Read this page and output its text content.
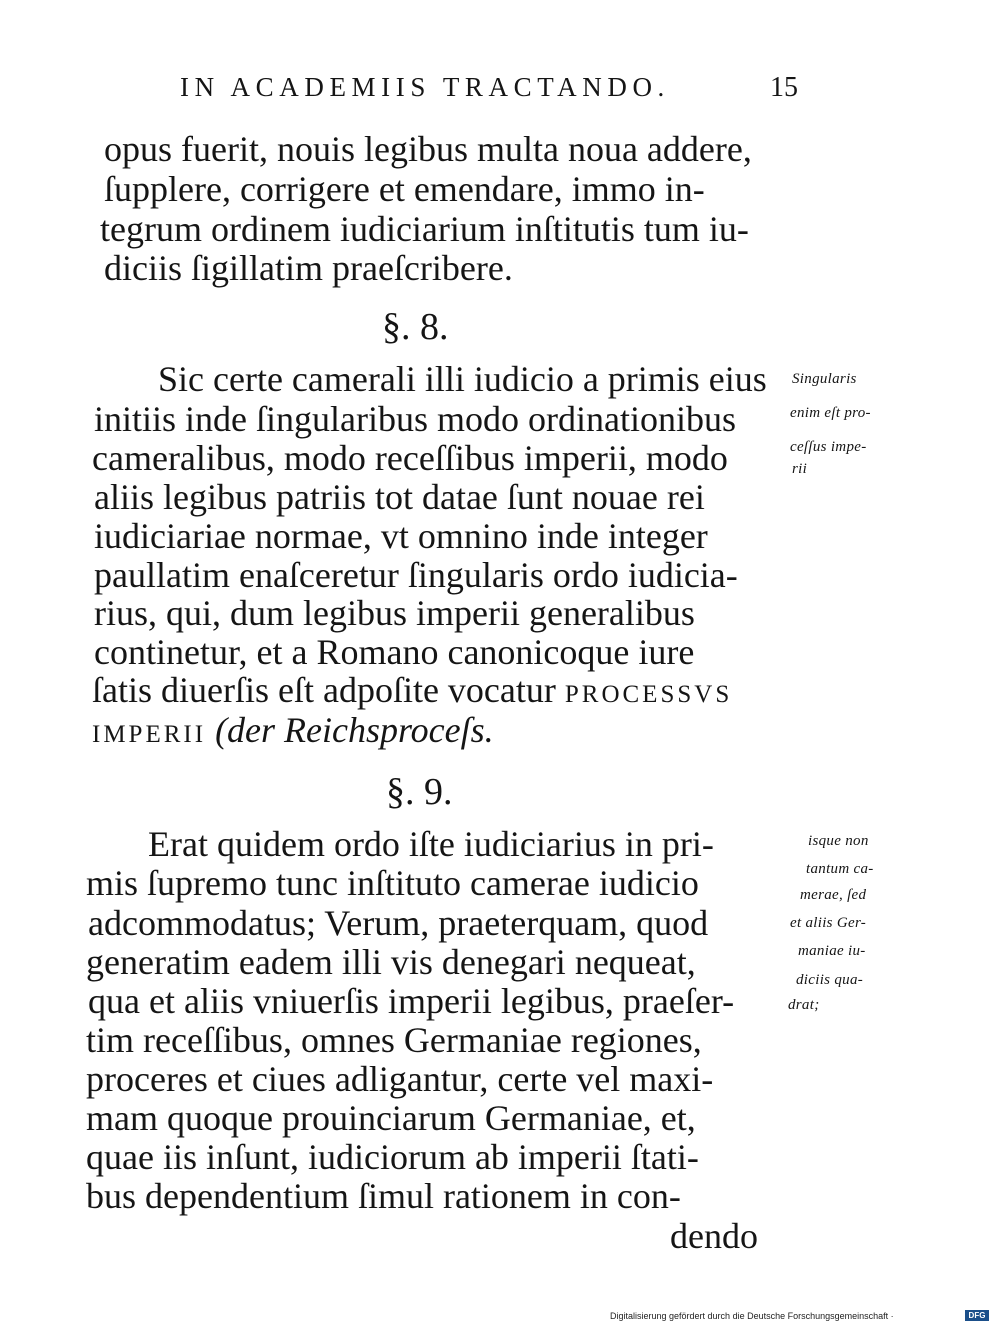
IN ACADEMIIS TRACTANDO.	15
opus fuerit, nouis legibus multa noua addere,
ſupplere, corrigere et emendare, immo in-
tegrum ordinem iudiciarium inſtitutis tum iu-
diciis ſigillatim praeſcribere.
§. 8.
Sic certe camerali illi iudicio a primis eius
initiis inde ſingularibus modo ordinationibus
cameralibus, modo receſſibus imperii, modo
aliis legibus patriis tot datae ſunt nouae rei
iudiciariae normae, vt omnino inde integer
paullatim enaſceretur ſingularis ordo iudicia-
rius, qui, dum legibus imperii generalibus
continetur, et a Romano canonicoque iure
ſatis diuerſis eſt adpoſite vocatur PROCESSVS
IMPERII (der Reichsproceſs.
Singularis
enim eſt pro-
ceſſus impe-
rii
§. 9.
Erat quidem ordo iſte iudiciarius in pri-
mis ſupremo tunc inſtituto camerae iudicio
adcommodatus; Verum, praeterquam, quod
generatim eadem illi vis denegari nequeat,
qua et aliis vniuerſis imperii legibus, praeſer-
tim receſſibus, omnes Germaniae regiones,
proceres et ciues adligantur, certe vel maxi-
mam quoque prouinciarum Germaniae, et,
quae iis inſunt, iudiciorum ab imperii ſtati-
bus dependentium ſimul rationem in con-
dendo
isque non
tantum ca-
merae, ſed
et aliis Ger-
maniae iu-
diciis qua-
drat;
Digitalisierung gefördert durch die Deutsche Forschungsgemeinschaft ·	DFG
